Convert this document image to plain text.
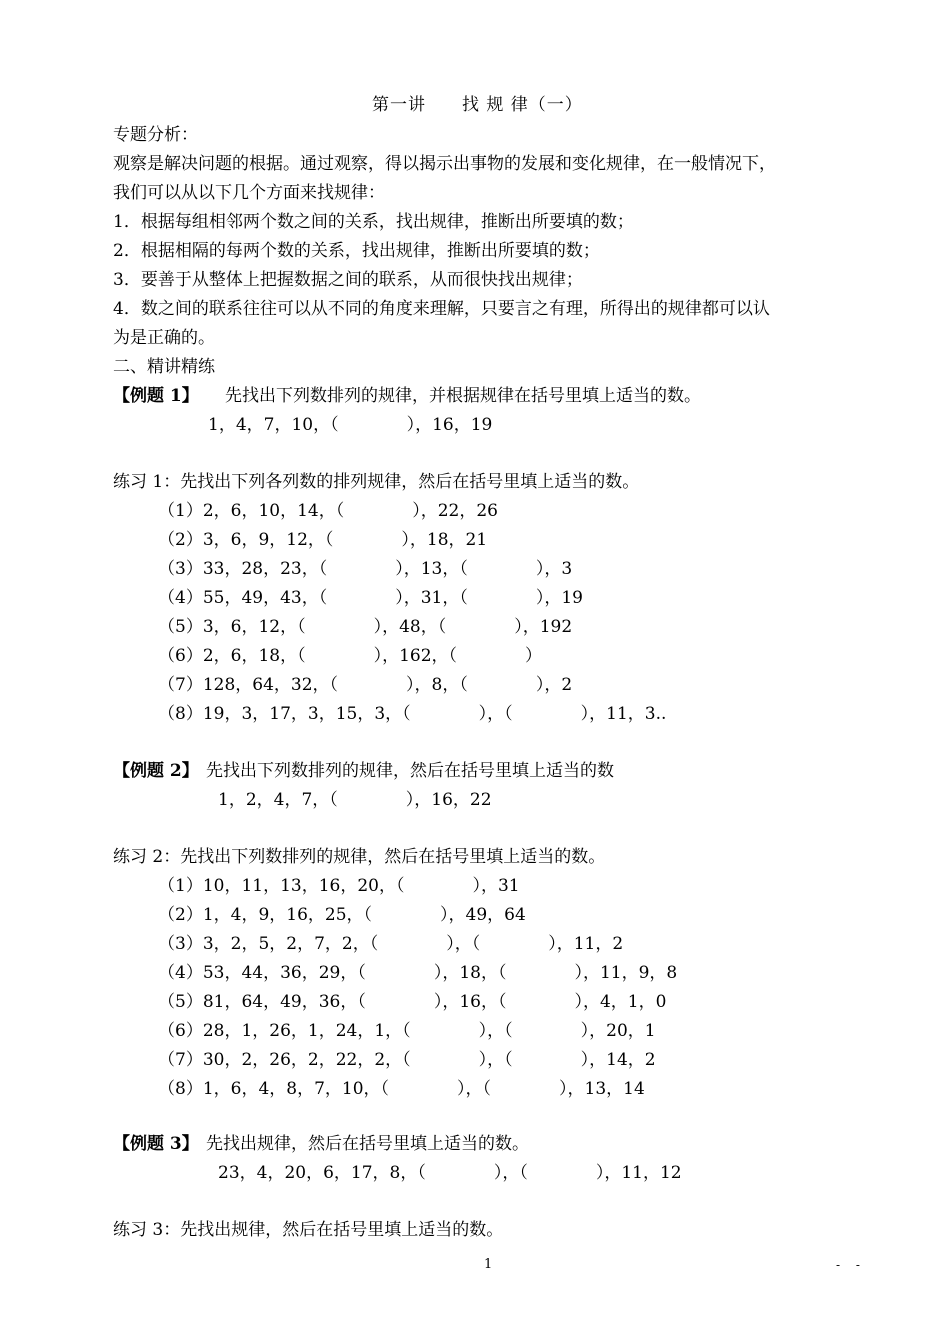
第一讲　　找 规 律（一）
专题分析：
观察是解决问题的根据。通过观察，得以揭示出事物的发展和变化规律，在一般情况下，
我们可以从以下几个方面来找规律：
1．根据每组相邻两个数之间的关系，找出规律，推断出所要填的数；
2．根据相隔的每两个数的关系，找出规律，推断出所要填的数；
3．要善于从整体上把握数据之间的联系，从而很快找出规律；
4．数之间的联系往往可以从不同的角度来理解，只要言之有理，所得出的规律都可以认
为是正确的。
二、精讲精练
【例题 1】 先找出下列数排列的规律，并根据规律在括号里填上适当的数。
1，4，7，10，（　　　　），16，19
练习 1：先找出下列各列数的排列规律，然后在括号里填上适当的数。
（1）2，6，10，14，（　　　　），22，26
（2）3，6，9，12，（　　　　），18，21
（3）33，28，23，（　　　　），13，（　　　　），3
（4）55，49，43，（　　　　），31，（　　　　），19
（5）3，6，12，（　　　　），48，（　　　　），192
（6）2，6，18，（　　　　），162，（　　　　）
（7）128，64，32，（　　　　），8，（　　　　），2
（8）19，3，17，3，15，3，（　　　　），（　　　　），11，3..
【例题 2】 先找出下列数排列的规律，然后在括号里填上适当的数
1，2，4，7，（　　　　），16，22
练习 2：先找出下列数排列的规律，然后在括号里填上适当的数。
（1）10，11，13，16，20，（　　　　），31
（2）1，4，9，16，25，（　　　　），49，64
（3）3，2，5，2，7，2，（　　　　），（　　　　），11，2
（4）53，44，36，29，（　　　　），18，（　　　　），11，9，8
（5）81，64，49，36，（　　　　），16，（　　　　），4，1，0
（6）28，1，26，1，24，1，（　　　　），（　　　　），20，1
（7）30，2，26，2，22，2，（　　　　），（　　　　），14，2
（8）1，6，4，8，7，10，（　　　　），（　　　　），13，14
【例题 3】 先找出规律，然后在括号里填上适当的数。
23，4，20，6，17，8，（　　　　），（　　　　），11，12
练习 3：先找出规律，然后在括号里填上适当的数。
1	- -
